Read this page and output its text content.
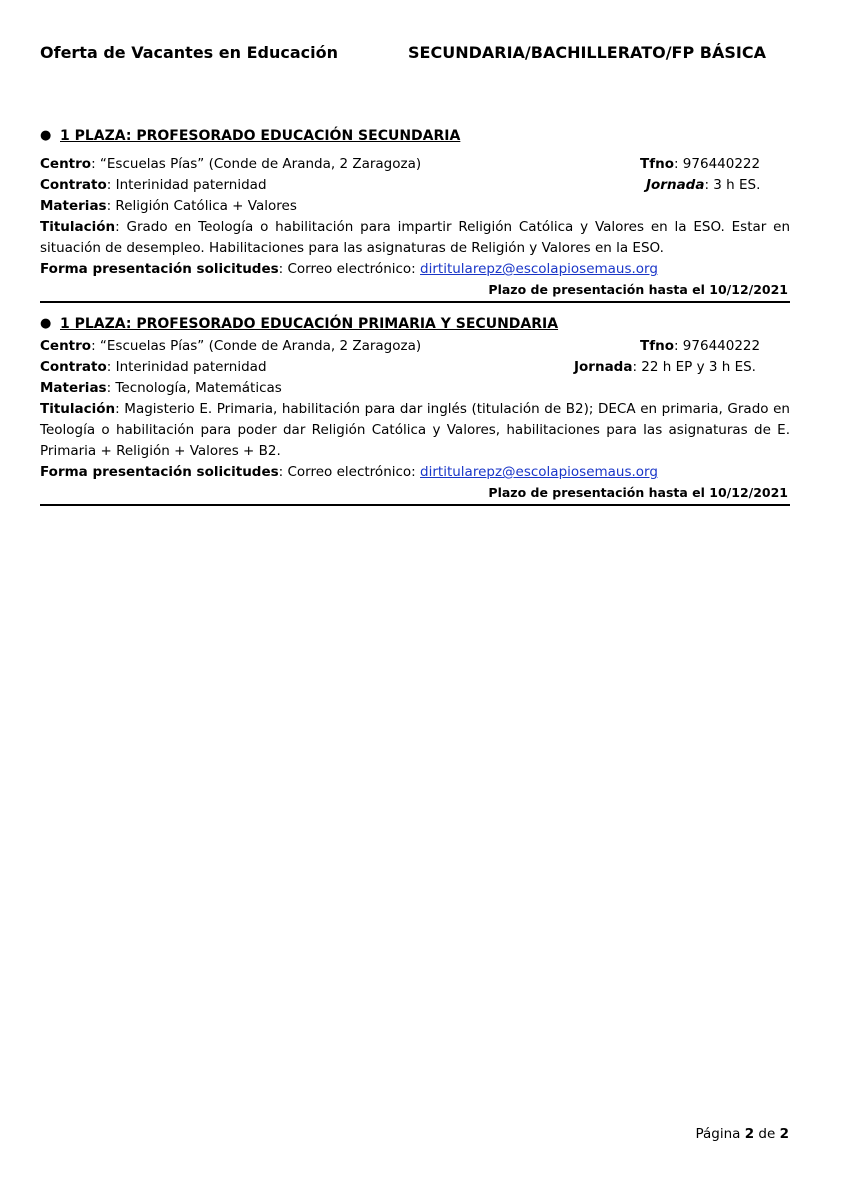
Oferta de Vacantes en Educación	SECUNDARIA/BACHILLERATO/FP BÁSICA
● 1 PLAZA: PROFESORADO EDUCACIÓN SECUNDARIA
Centro: “Escuelas Pías” (Conde de Aranda, 2 Zaragoza)	Tfno: 976440222
Contrato: Interinidad paternidad	Jornada: 3 h ES.
Materias: Religión Católica + Valores
Titulación: Grado en Teología o habilitación para impartir Religión Católica y Valores en la ESO. Estar en situación de desempleo. Habilitaciones para las asignaturas de Religión y Valores en la ESO.
Forma presentación solicitudes: Correo electrónico: dirtitularepz@escolapiosemaus.org
Plazo de presentación hasta el 10/12/2021
● 1 PLAZA: PROFESORADO EDUCACIÓN PRIMARIA Y SECUNDARIA
Centro: “Escuelas Pías” (Conde de Aranda, 2 Zaragoza)	Tfno: 976440222
Contrato: Interinidad paternidad	Jornada: 22 h EP y 3 h ES.
Materias: Tecnología, Matemáticas
Titulación: Magisterio E. Primaria, habilitación para dar inglés (titulación de B2); DECA en primaria, Grado en Teología o habilitación para poder dar Religión Católica y Valores, habilitaciones para las asignaturas de E. Primaria + Religión + Valores + B2.
Forma presentación solicitudes: Correo electrónico: dirtitularepz@escolapiosemaus.org
Plazo de presentación hasta el 10/12/2021
Página 2 de 2
